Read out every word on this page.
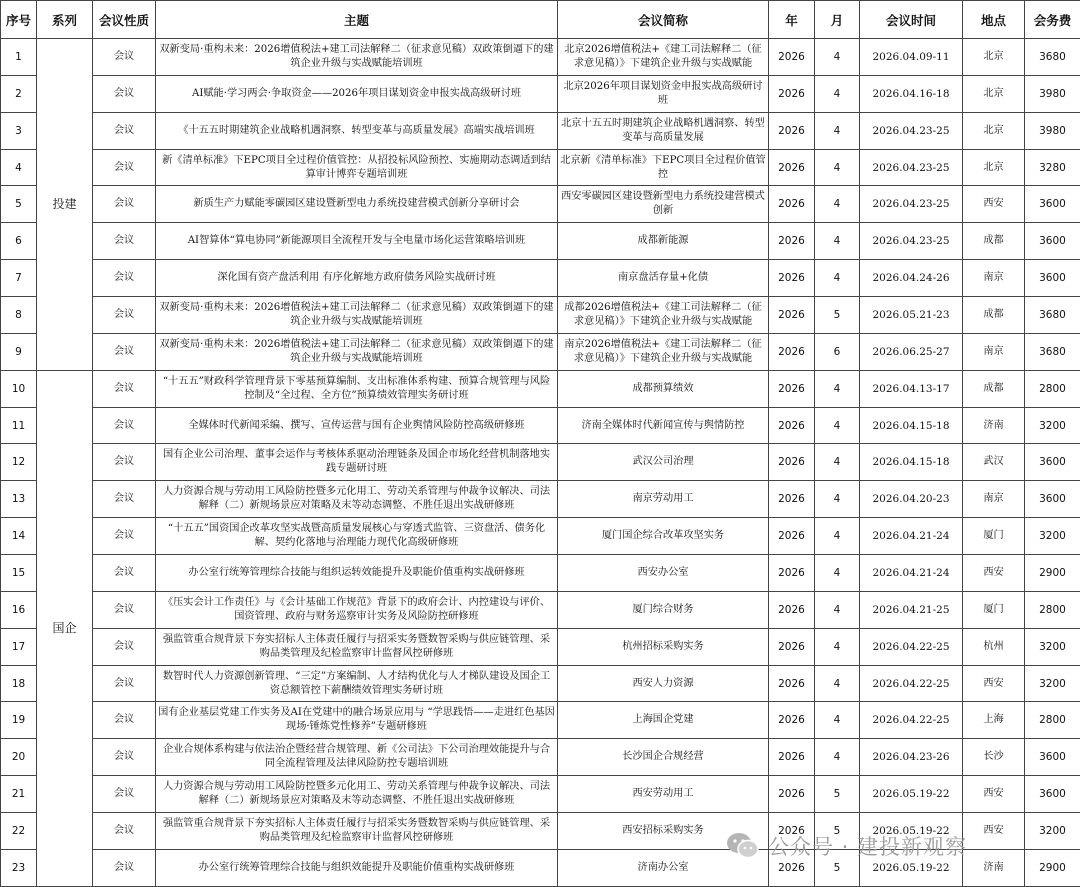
序号	系列	会议性质	主题	会议简称	年	月	会议时间	地点	会务费
1	投建	会议	双新变局·重构未来：2026增值税法+建工司法解释二（征求意见稿）双政策倒逼下的建筑企业升级与实战赋能培训班	北京2026增值税法+《建工司法解释二（征求意见稿）》下建筑企业升级与实战赋能	2026	4	2026.04.09-11	北京	3680
2		会议	AI赋能·学习两会·争取资金——2026年项目谋划资金申报实战高级研讨班	北京2026年项目谋划资金申报实战高级研讨班	2026	4	2026.04.16-18	北京	3980
3		会议	《十五五时期建筑企业战略机遇洞察、转型变革与高质量发展》高端实战培训班	北京十五五时期建筑企业战略机遇洞察、转型变革与高质量发展	2026	4	2026.04.23-25	北京	3980
4		会议	新《清单标准》下EPC项目全过程价值管控：从招投标风险预控、实施期动态调适到结算审计博弈专题培训班	北京新《清单标准》下EPC项目全过程价值管控	2026	4	2026.04.23-25	北京	3280
5		会议	新质生产力赋能零碳园区建设暨新型电力系统投建营模式创新分享研讨会	西安零碳园区建设暨新型电力系统投建营模式创新	2026	4	2026.04.23-25	西安	3600
6		会议	AI智算体“算电协同”新能源项目全流程开发与全电量市场化运营策略培训班	成都新能源	2026	4	2026.04.23-25	成都	3600
7		会议	深化国有资产盘活利用 有序化解地方政府债务风险实战研讨班	南京盘活存量+化债	2026	4	2026.04.24-26	南京	3600
8		会议	双新变局·重构未来：2026增值税法+建工司法解释二（征求意见稿）双政策倒逼下的建筑企业升级与实战赋能培训班	成都2026增值税法+《建工司法解释二（征求意见稿）》下建筑企业升级与实战赋能	2026	5	2026.05.21-23	成都	3680
9		会议	双新变局·重构未来：2026增值税法+建工司法解释二（征求意见稿）双政策倒逼下的建筑企业升级与实战赋能培训班	南京2026增值税法+《建工司法解释二（征求意见稿）》下建筑企业升级与实战赋能	2026	6	2026.06.25-27	南京	3680
10	国企	会议	“十五五”财政科学管理背景下零基预算编制、支出标准体系构建、预算合规管理与风险控制及“全过程、全方位”预算绩效管理实务研讨班	成都预算绩效	2026	4	2026.04.13-17	成都	2800
11		会议	全媒体时代新闻采编、撰写、宣传运营与国有企业舆情风险防控高级研修班	济南全媒体时代新闻宣传与舆情防控	2026	4	2026.04.15-18	济南	3200
12		会议	国有企业公司治理、董事会运作与考核体系驱动治理链条及国企市场化经营机制落地实践专题研讨班	武汉公司治理	2026	4	2026.04.15-18	武汉	3600
13		会议	人力资源合规与劳动用工风险防控暨多元化用工、劳动关系管理与仲裁争议解决、司法解释（二）新规场景应对策略及末等动态调整、不胜任退出实战研修班	南京劳动用工	2026	4	2026.04.20-23	南京	3600
14		会议	“十五五”国资国企改革攻坚实战暨高质量发展核心与穿透式监管、三资盘活、债务化解、契约化落地与治理能力现代化高级研修班	厦门国企综合改革攻坚实务	2026	4	2026.04.21-24	厦门	3200
15		会议	办公室行统筹管理综合技能与组织运转效能提升及职能价值重构实战研修班	西安办公室	2026	4	2026.04.21-24	西安	2900
16		会议	《压实会计工作责任》与《会计基础工作规范》背景下的政府会计、内控建设与评价、国资管理、政府与财务巡察审计实务及风险防控研修班	厦门综合财务	2026	4	2026.04.21-25	厦门	2800
17		会议	强监管重合规背景下夯实招标人主体责任履行与招采实务暨数智采购与供应链管理、采购品类管理及纪检监察审计监督风控研修班	杭州招标采购实务	2026	4	2026.04.22-25	杭州	3200
18		会议	数智时代人力资源创新管理、“三定”方案编制、人才结构优化与人才梯队建设及国企工资总额管控下薪酬绩效管理实务研讨班	西安人力资源	2026	4	2026.04.22-25	西安	3200
19		会议	国有企业基层党建工作实务及AI在党建中的融合场景应用与 “学思践悟——走进红色基因现场·锤炼党性修养”专题研修班	上海国企党建	2026	4	2026.04.22-25	上海	2800
20		会议	企业合规体系构建与依法治企暨经营合规管理、新《公司法》下公司治理效能提升与合同全流程管理及法律风险防控专题培训班	长沙国企合规经营	2026	4	2026.04.23-26	长沙	3600
21		会议	人力资源合规与劳动用工风险防控暨多元化用工、劳动关系管理与仲裁争议解决、司法解释（二）新规场景应对策略及末等动态调整、不胜任退出实战研修班	西安劳动用工	2026	5	2026.05.19-22	西安	3600
22		会议	强监管重合规背景下夯实招标人主体责任履行与招采实务暨数智采购与供应链管理、采购品类管理及纪检监察审计监督风控研修班	西安招标采购实务	2026	5	2026.05.19-22	西安	3200
23		会议	办公室行统筹管理综合技能与组织效能提升及职能价值重构实战研修班	济南办公室	2026	5	2026.05.19-22	济南	2900
公众号 · 建投新观察
